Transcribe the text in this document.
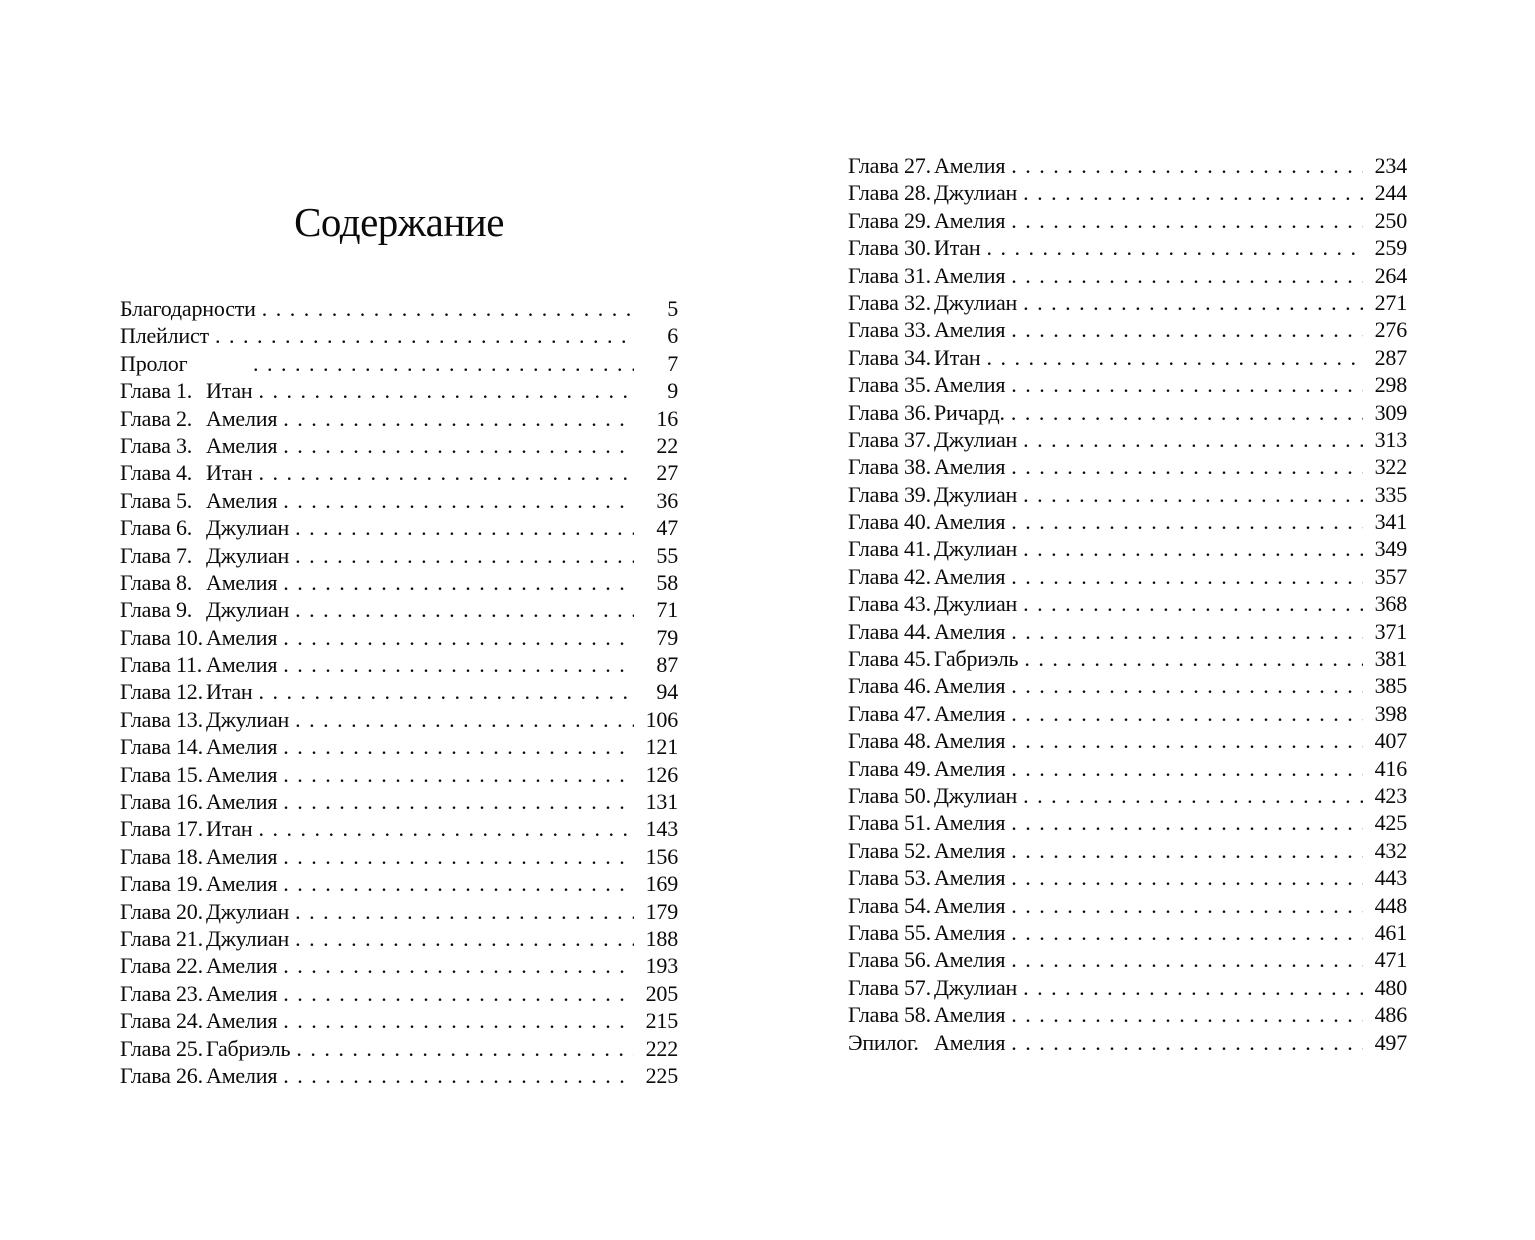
Содержание
Благодарности . . .	5
Плейлист . . .	6
Пролог . . .	7
Глава 1. Итан . . .	9
Глава 2. Амелия . . .	16
Глава 3. Амелия . . .	22
Глава 4. Итан . . .	27
Глава 5. Амелия . . .	36
Глава 6. Джулиан . . .	47
Глава 7. Джулиан . . .	55
Глава 8. Амелия . . .	58
Глава 9. Джулиан . . .	71
Глава 10. Амелия . . .	79
Глава 11. Амелия . . .	87
Глава 12. Итан . . .	94
Глава 13. Джулиан . . .	106
Глава 14. Амелия . . .	121
Глава 15. Амелия . . .	126
Глава 16. Амелия . . .	131
Глава 17. Итан . . .	143
Глава 18. Амелия . . .	156
Глава 19. Амелия . . .	169
Глава 20. Джулиан . . .	179
Глава 21. Джулиан . . .	188
Глава 22. Амелия . . .	193
Глава 23. Амелия . . .	205
Глава 24. Амелия . . .	215
Глава 25. Габриэль . . .	222
Глава 26. Амелия . . .	225
Глава 27. Амелия . . .	234
Глава 28. Джулиан . . .	244
Глава 29. Амелия . . .	250
Глава 30. Итан . . .	259
Глава 31. Амелия . . .	264
Глава 32. Джулиан . . .	271
Глава 33. Амелия . . .	276
Глава 34. Итан . . .	287
Глава 35. Амелия . . .	298
Глава 36. Ричард. . . .	309
Глава 37. Джулиан . . .	313
Глава 38. Амелия . . .	322
Глава 39. Джулиан . . .	335
Глава 40. Амелия . . .	341
Глава 41. Джулиан . . .	349
Глава 42. Амелия . . .	357
Глава 43. Джулиан . . .	368
Глава 44. Амелия . . .	371
Глава 45. Габриэль . . .	381
Глава 46. Амелия . . .	385
Глава 47. Амелия . . .	398
Глава 48. Амелия . . .	407
Глава 49. Амелия . . .	416
Глава 50. Джулиан . . .	423
Глава 51. Амелия . . .	425
Глава 52. Амелия . . .	432
Глава 53. Амелия . . .	443
Глава 54. Амелия . . .	448
Глава 55. Амелия . . .	461
Глава 56. Амелия . . .	471
Глава 57. Джулиан . . .	480
Глава 58. Амелия . . .	486
Эпилог. Амелия . . .	497
